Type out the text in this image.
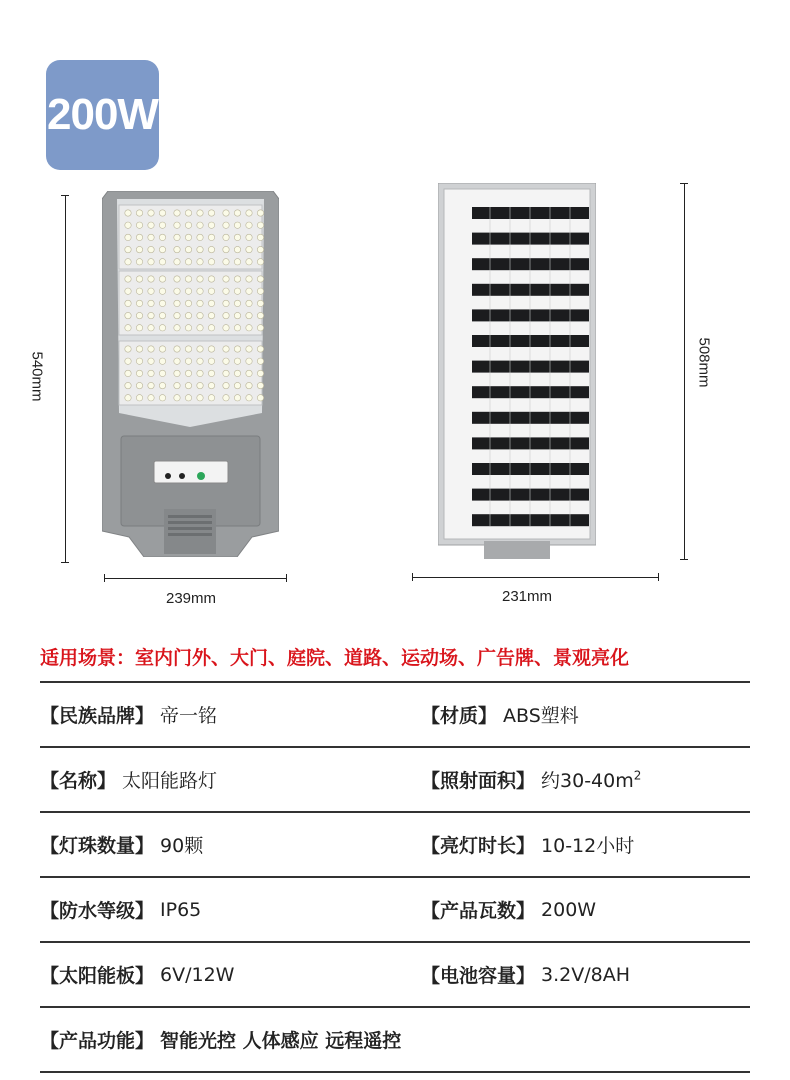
200W
540mm
239mm
508mm
231mm
适用场景：室内门外、大门、庭院、道路、运动场、广告牌、景观亮化
【民族品牌】 帝一铭	【材质】 ABS塑料
【名称】 太阳能路灯	【照射面积】 约$30-40m^2$
【灯珠数量】 90颗	【亮灯时长】 10-12小时
【防水等级】 IP65	【产品瓦数】 200W
【太阳能板】 6V/12W	【电池容量】 3.2V/8AH
【产品功能】 智能光控 人体感应 远程遥控
